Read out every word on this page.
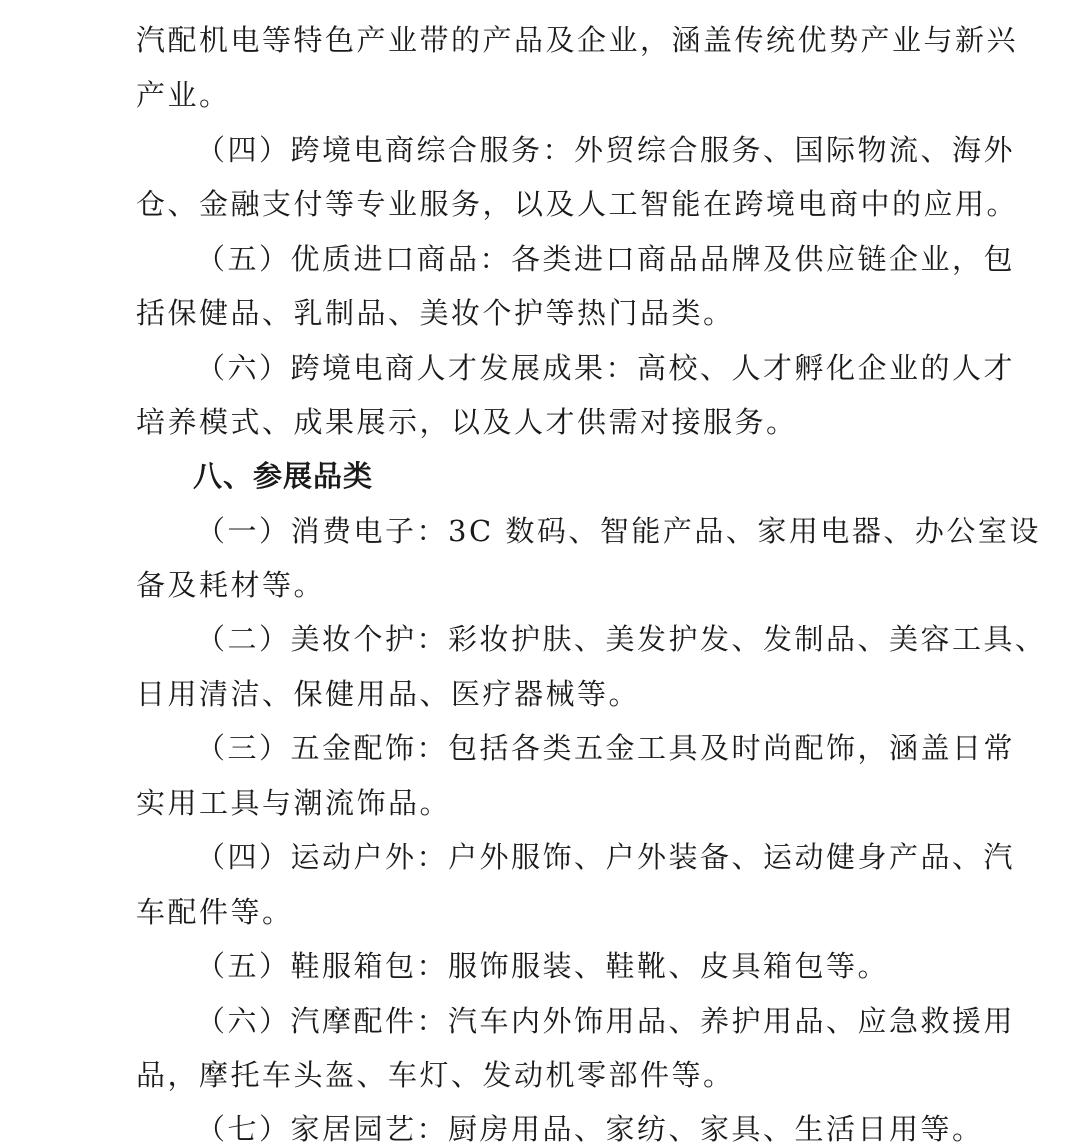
汽配机电等特色产业带的产品及企业，涵盖传统优势产业与新兴
产业。
（四）跨境电商综合服务：外贸综合服务、国际物流、海外
仓、金融支付等专业服务，以及人工智能在跨境电商中的应用。
（五）优质进口商品：各类进口商品品牌及供应链企业，包
括保健品、乳制品、美妆个护等热门品类。
（六）跨境电商人才发展成果：高校、人才孵化企业的人才
培养模式、成果展示，以及人才供需对接服务。
八、参展品类
（一）消费电子：3C 数码、智能产品、家用电器、办公室设
备及耗材等。
（二）美妆个护：彩妆护肤、美发护发、发制品、美容工具、
日用清洁、保健用品、医疗器械等。
（三）五金配饰：包括各类五金工具及时尚配饰，涵盖日常
实用工具与潮流饰品。
（四）运动户外：户外服饰、户外装备、运动健身产品、汽
车配件等。
（五）鞋服箱包：服饰服装、鞋靴、皮具箱包等。
（六）汽摩配件：汽车内外饰用品、养护用品、应急救援用
品，摩托车头盔、车灯、发动机零部件等。
（七）家居园艺：厨房用品、家纺、家具、生活日用等。
